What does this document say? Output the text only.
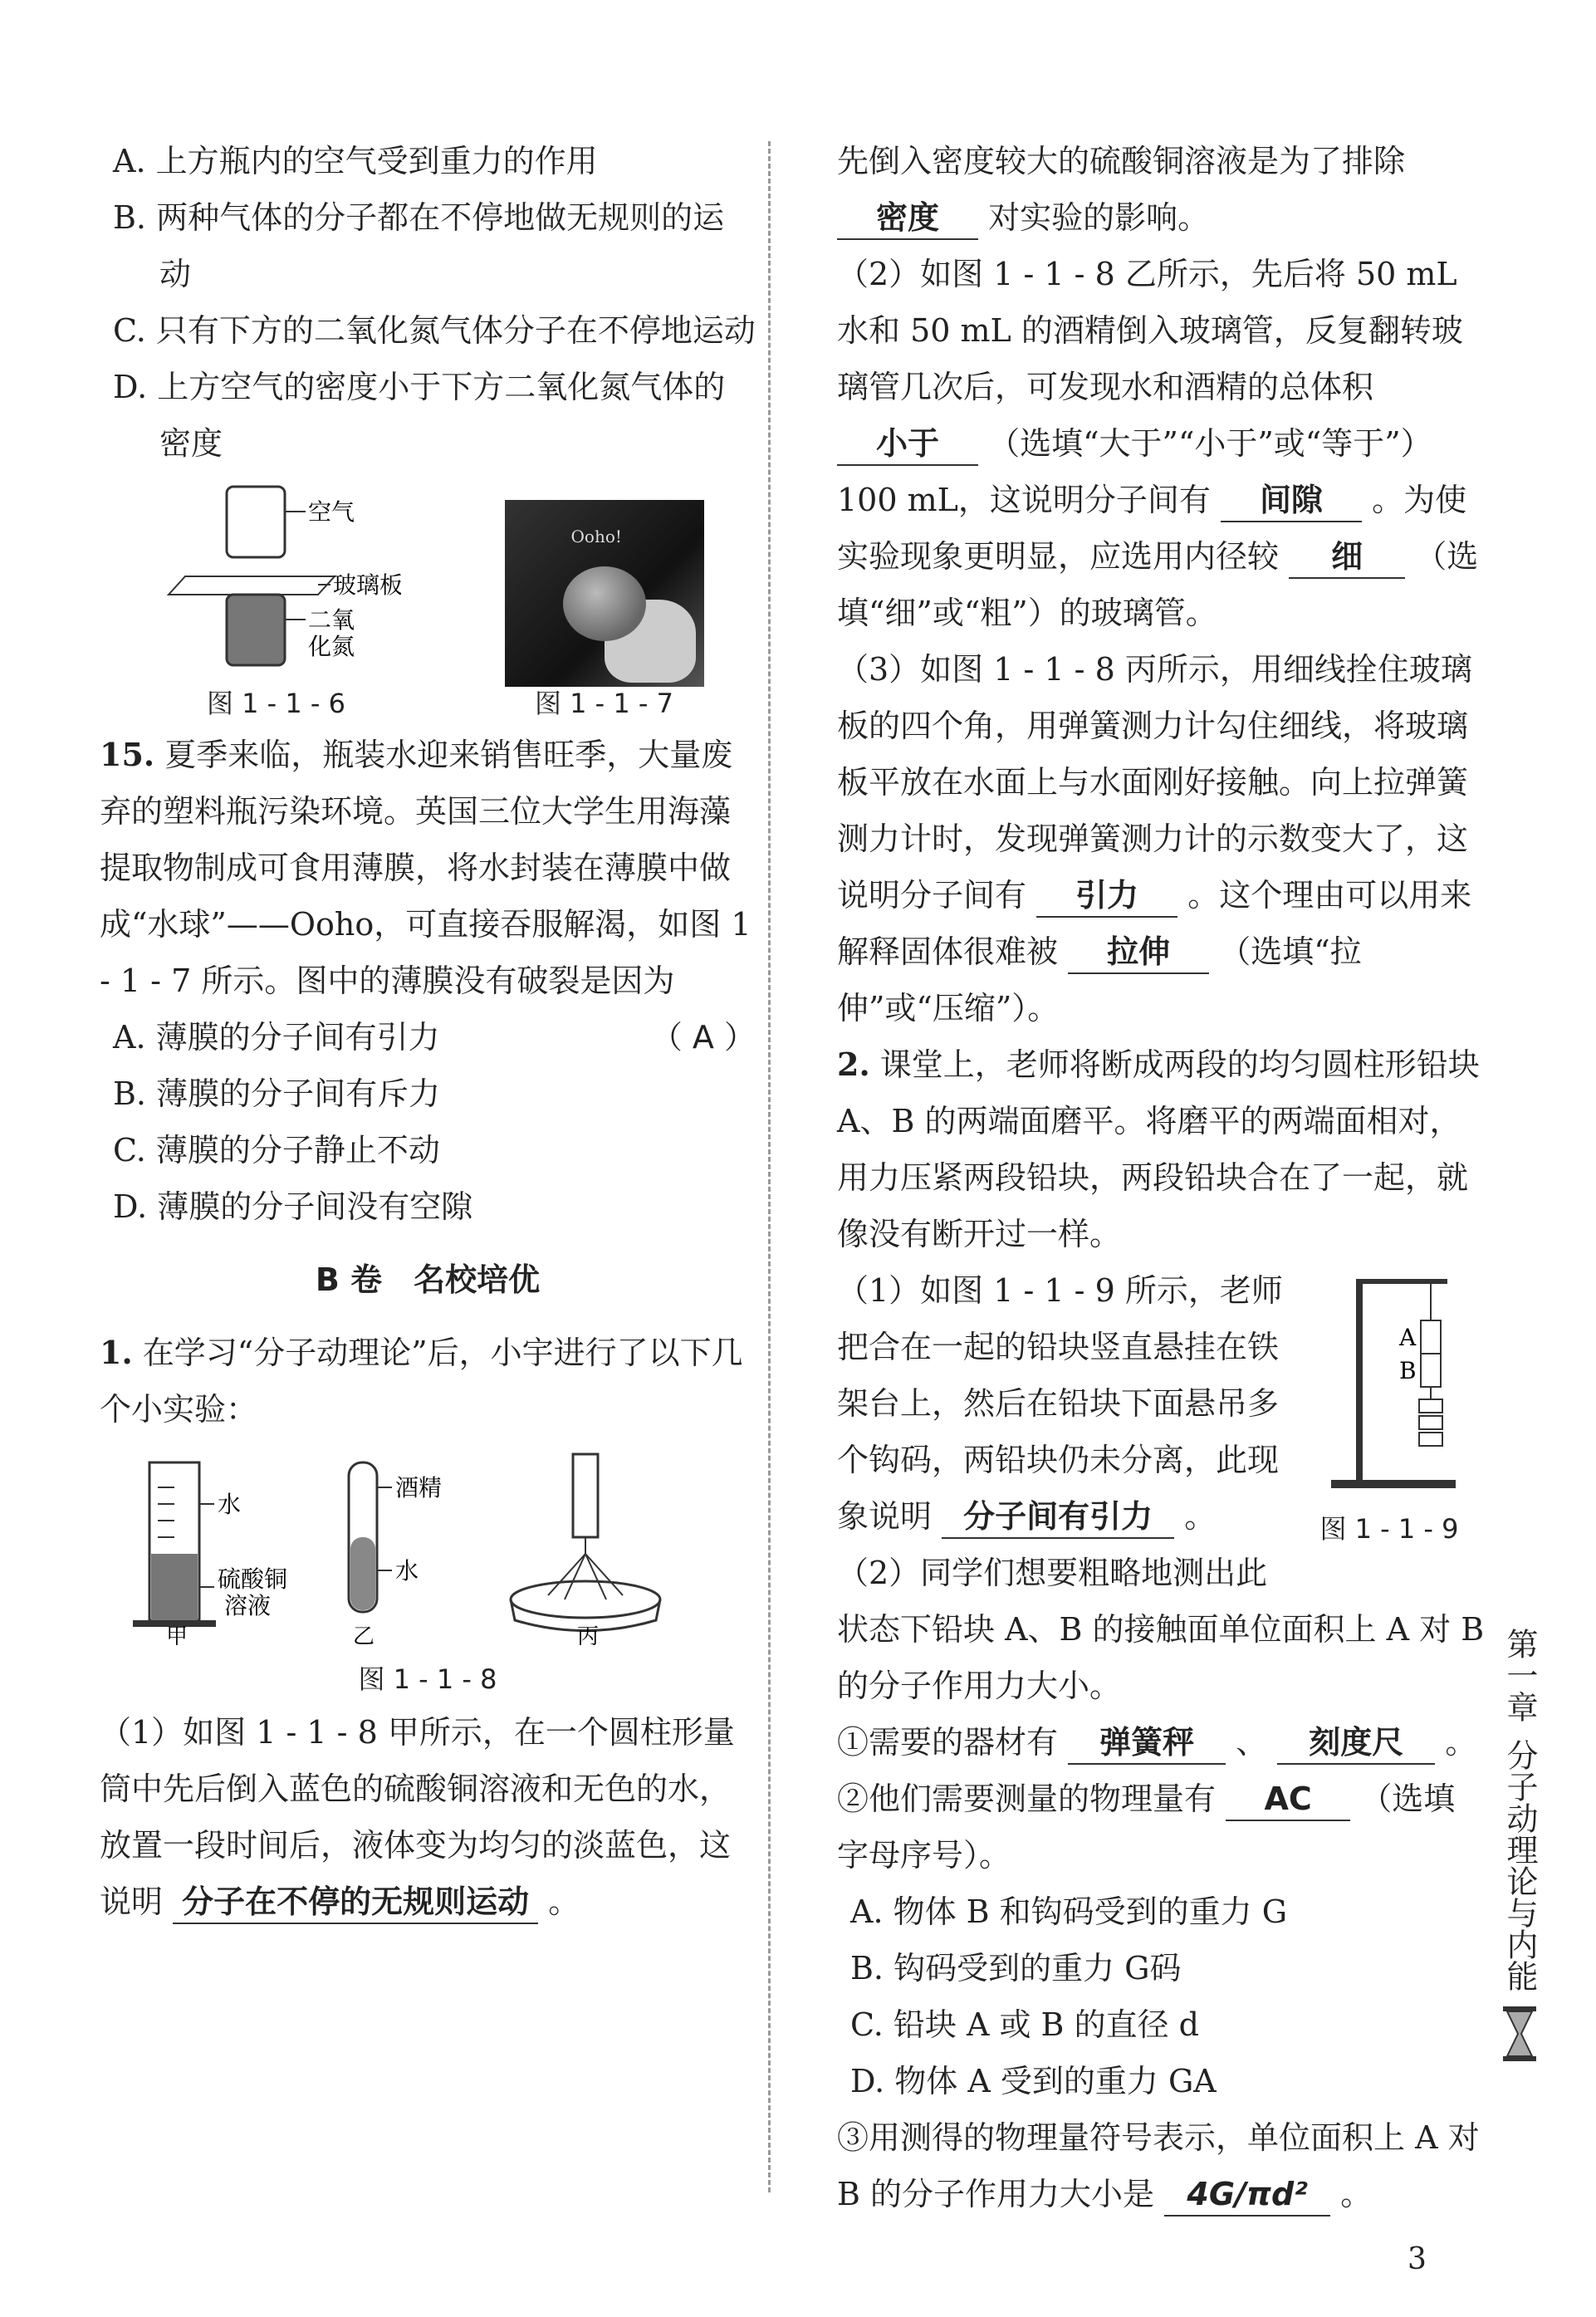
A. 上方瓶内的空气受到重力的作用

B. 两种气体的分子都在不停地做无规则的运动

C. 只有下方的二氧化氮气体分子在不停地运动

D. 上方空气的密度小于下方二氧化氮气体的密度

空气
玻璃板
二氧
化氮
图 1 - 1 - 6
Ooho!
图 1 - 1 - 7

15. 夏季来临，瓶装水迎来销售旺季，大量废弃的塑料瓶污染环境。英国三位大学生用海藻提取物制成可食用薄膜，将水封装在薄膜中做成“水球”——Ooho，可直接吞服解渴，如图 1 - 1 - 7 所示。图中的薄膜没有破裂是因为
（ A ）

A. 薄膜的分子间有引力

B. 薄膜的分子间有斥力

C. 薄膜的分子静止不动

D. 薄膜的分子间没有空隙

B 卷　名校培优

1. 在学习“分子动理论”后，小宇进行了以下几个小实验：

水
硫酸铜
溶液
甲
酒精
水
乙	丙
图 1 - 1 - 8

（1）如图 1 - 1 - 8 甲所示，在一个圆柱形量筒中先后倒入蓝色的硫酸铜溶液和无色的水，放置一段时间后，液体变为均匀的淡蓝色，这说明 分子在不停的无规则运动 。

先倒入密度较大的硫酸铜溶液是为了排除 密度 对实验的影响。

（2）如图 1 - 1 - 8 乙所示，先后将 50 mL 水和 50 mL 的酒精倒入玻璃管，反复翻转玻璃管几次后，可发现水和酒精的总体积 小于 （选填“大于”“小于”或“等于”）100 mL，这说明分子间有 间隙 。为使实验现象更明显，应选用内径较 细 （选填“细”或“粗”）的玻璃管。

（3）如图 1 - 1 - 8 丙所示，用细线拴住玻璃板的四个角，用弹簧测力计勾住细线，将玻璃板平放在水面上与水面刚好接触。向上拉弹簧测力计时，发现弹簧测力计的示数变大了，这说明分子间有 引力 。这个理由可以用来解释固体很难被 拉伸 （选填“拉伸”或“压缩”）。

2. 课堂上，老师将断成两段的均匀圆柱形铅块 A、B 的两端面磨平。将磨平的两端面相对，用力压紧两段铅块，两段铅块合在了一起，就像没有断开过一样。

A
B
图 1 - 1 - 9

（1）如图 1 - 1 - 9 所示，老师把合在一起的铅块竖直悬挂在铁架台上，然后在铅块下面悬吊多个钩码，两铅块仍未分离，此现象说明 分子间有引力 。

（2）同学们想要粗略地测出此状态下铅块 A、B 的接触面单位面积上 A 对 B 的分子作用力大小。

①需要的器材有 弹簧秤 、 刻度尺 。

②他们需要测量的物理量有 AC （选填字母序号）。

A. 物体 B 和钩码受到的重力 G

B. 钩码受到的重力 G码

C. 铅块 A 或 B 的直径 d

D. 物体 A 受到的重力 GA

③用测得的物理量符号表示，单位面积上 A 对 B 的分子作用力大小是 4G/πd² 。

第一章
分子动理论与内能
3
